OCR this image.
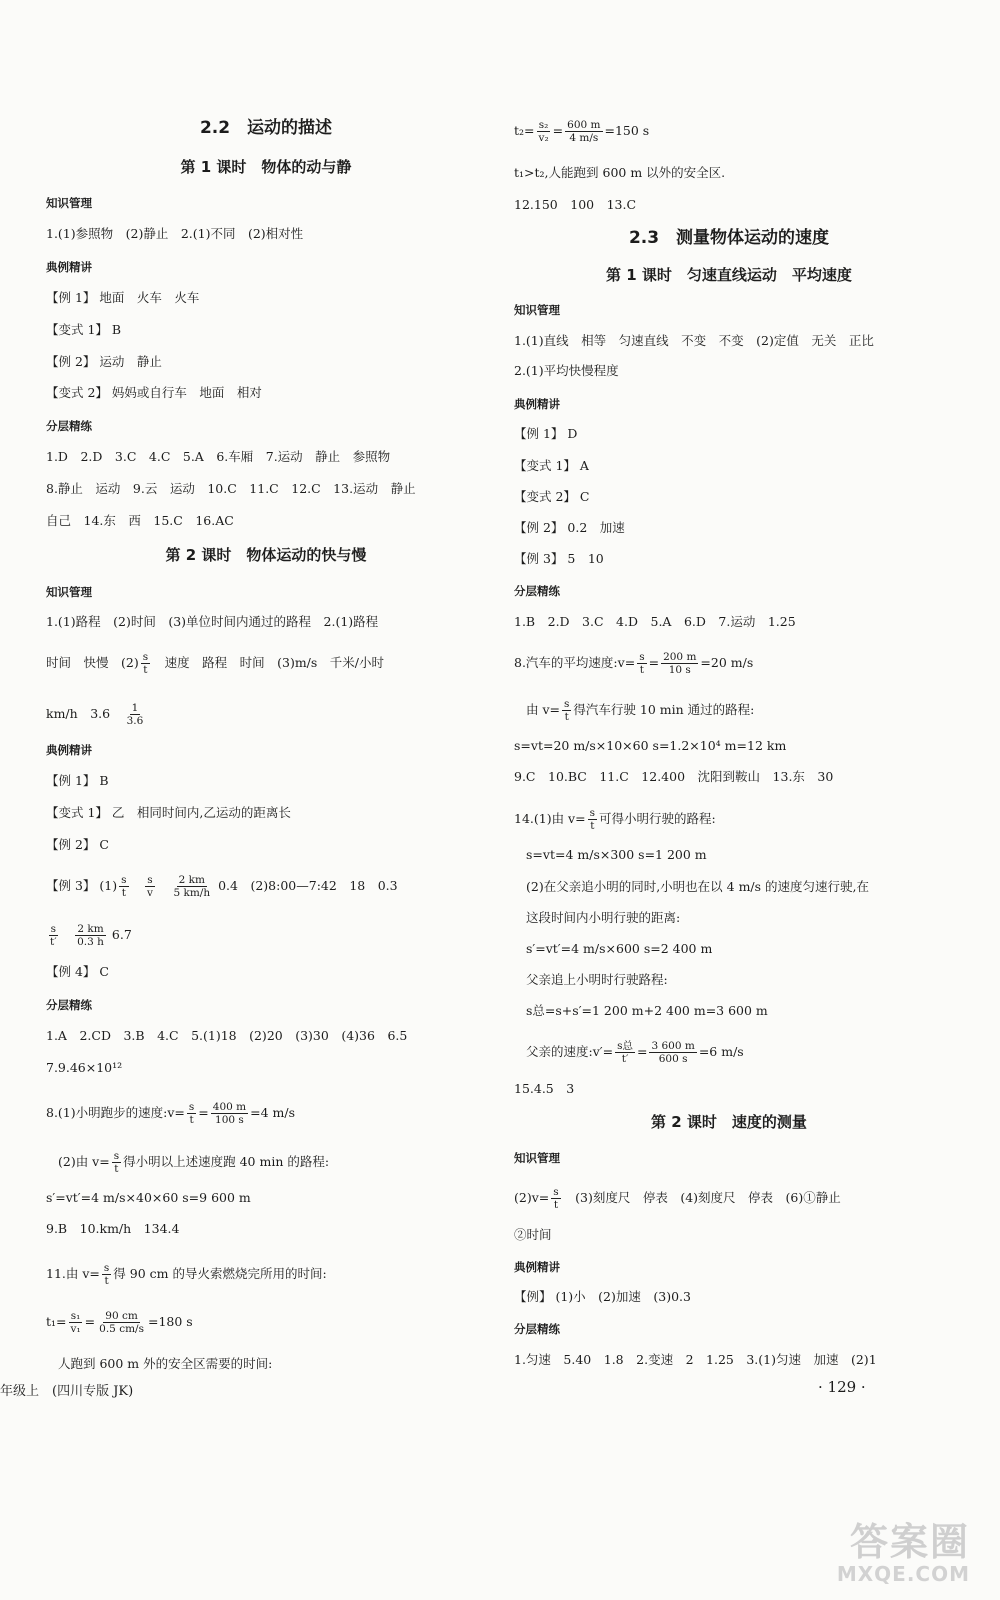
2.2　运动的描述
第 1 课时　物体的动与静
知识管理
1.(1)参照物　(2)静止　2.(1)不同　(2)相对性
典例精讲
【例 1】 地面　火车　火车
【变式 1】 B
【例 2】 运动　静止
【变式 2】 妈妈或自行车　地面　相对
分层精练
1.D　2.D　3.C　4.C　5.A　6.车厢　7.运动　静止　参照物
8.静止　运动　9.云　运动　10.C　11.C　12.C　13.运动　静止
自己　14.东　西　15.C　16.AC
第 2 课时　物体运动的快与慢
知识管理
1.(1)路程　(2)时间　(3)单位时间内通过的路程　2.(1)路程
时间　快慢　$(2) \frac{s}{t}$ 　速度　路程　时间　(3)m/s　千米/小时
km/h　3.6　 $\frac{1}{3.6}$
典例精讲
【例 1】 B
【变式 1】 乙　相同时间内,乙运动的距离长
【例 2】 C
【例 3】 $(1) \frac{s}{t}$
　 $\frac{s}{v}$
　 $\frac{2 km}{5 km/h} 0.4$　(2)8:00—7:42　18　0.3
$\frac{s}{t'}$
　 $\frac{2 km}{0.3 h} 6.7$
【例 4】 C
分层精练
1.A　2.CD　3.B　4.C　5.(1)18　(2)20　(3)30　(4)36　6.5
7.9.46×10¹²
8.(1)小明跑步的速度:v= $\frac{s}{t} = \frac{400 m}{100 s} =4$ m/s
(2)由 $v= \frac{s}{t}$ 得小明以上述速度跑 40 min 的路程:
s′=vt′=4 m/s×40×60 s=9 600 m
9.B　10.km/h　134.4
11.由 $v= \frac{s}{t}$ 得 90 cm 的导火索燃烧完所用的时间:
$t_1= \frac{\text{s₁}}{\text{v₁}} = \frac{90 cm}{0.5 cm/s} =180$ s
人跑到 600 m 外的安全区需要的时间:
$t_2= \frac{\text{s₂}}{\text{v₂}} = \frac{600 m}{4 m/s} =150$ s
t₁>t₂,人能跑到 600 m 以外的安全区.
12.150　100　13.C
2.3　测量物体运动的速度
第 1 课时　匀速直线运动　平均速度
知识管理
1.(1)直线　相等　匀速直线　不变　不变　(2)定值　无关　正比
2.(1)平均快慢程度
典例精讲
【例 1】 D
【变式 1】 A
【变式 2】 C
【例 2】 0.2　加速
【例 3】 5　10
分层精练
1.B　2.D　3.C　4.D　5.A　6.D　7.运动　1.25
8.汽车的平均速度:v= $\frac{s}{t} = \frac{200 m}{10 s} =20$ m/s
由 $v= \frac{s}{t}$ 得汽车行驶 10 min 通过的路程:
s=vt=20 m/s×10×60 s=1.2×10⁴ m=12 km
9.C　10.BC　11.C　12.400　沈阳到鞍山　13.东　30
14.(1)由 $v= \frac{s}{t}$ 可得小明行驶的路程:
s=vt=4 m/s×300 s=1 200 m
(2)在父亲追小明的同时,小明也在以 4 m/s 的速度匀速行驶,在
这段时间内小明行驶的距离:
s′=vt′=4 m/s×600 s=2 400 m
父亲追上小明时行驶路程:
s总=s+s′=1 200 m+2 400 m=3 600 m
父亲的速度:v′= $\frac{\text{s总}}{t'} = \frac{3 600 m}{600 s} =6$ m/s
15.4.5　3
第 2 课时　速度的测量
知识管理
$(2)v= \frac{s}{t}$ 　(3)刻度尺　停表　(4)刻度尺　停表　(6)①静止
②时间
典例精讲
【例】 (1)小　(2)加速　(3)0.3
分层精练
1.匀速　5.40　1.8　2.变速　2　1.25　3.(1)匀速　加速　(2)1
年级上　(四川专版 JK)	· 129 ·
答案圈
MXQE.COM
